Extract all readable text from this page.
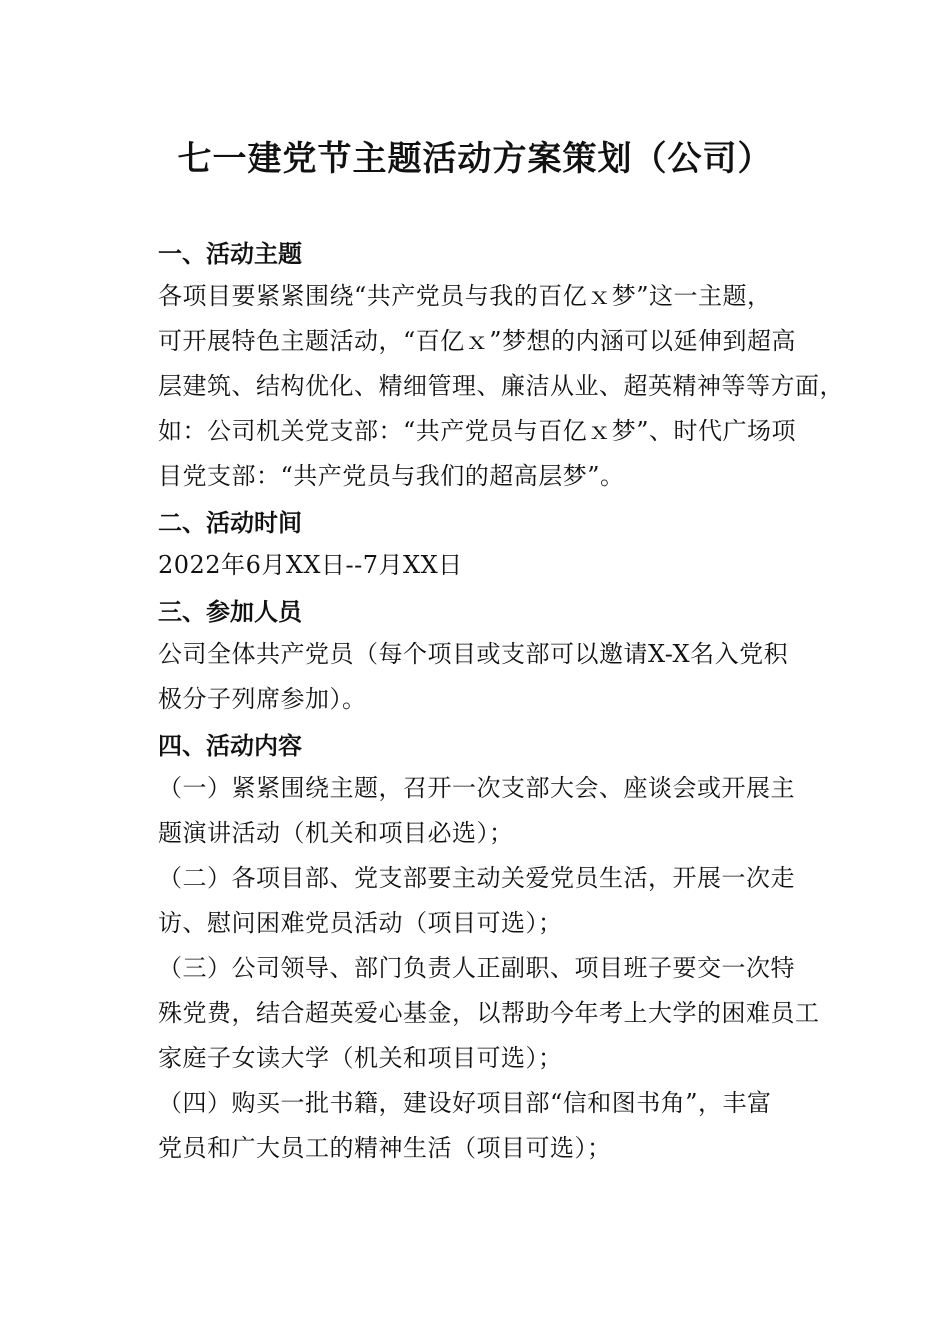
七一建党节主题活动方案策划（公司）
一、活动主题

各项目要紧紧围绕“共产党员与我的百亿ｘ梦”这一主题，
可开展特色主题活动，“百亿ｘ”梦想的内涵可以延伸到超高
层建筑、结构优化、精细管理、廉洁从业、超英精神等等方面，
如：公司机关党支部：“共产党员与百亿ｘ梦”、时代广场项
目党支部：“共产党员与我们的超高层梦”。

二、活动时间

2022年6月XX日--7月XX日

三、参加人员

公司全体共产党员（每个项目或支部可以邀请X-X名入党积
极分子列席参加）。

四、活动内容

（一）紧紧围绕主题，召开一次支部大会、座谈会或开展主
题演讲活动（机关和项目必选）；

（二）各项目部、党支部要主动关爱党员生活，开展一次走
访、慰问困难党员活动（项目可选）；

（三）公司领导、部门负责人正副职、项目班子要交一次特
殊党费，结合超英爱心基金，以帮助今年考上大学的困难员工
家庭子女读大学（机关和项目可选）；

（四）购买一批书籍，建设好项目部“信和图书角”，丰富
党员和广大员工的精神生活（项目可选）；
